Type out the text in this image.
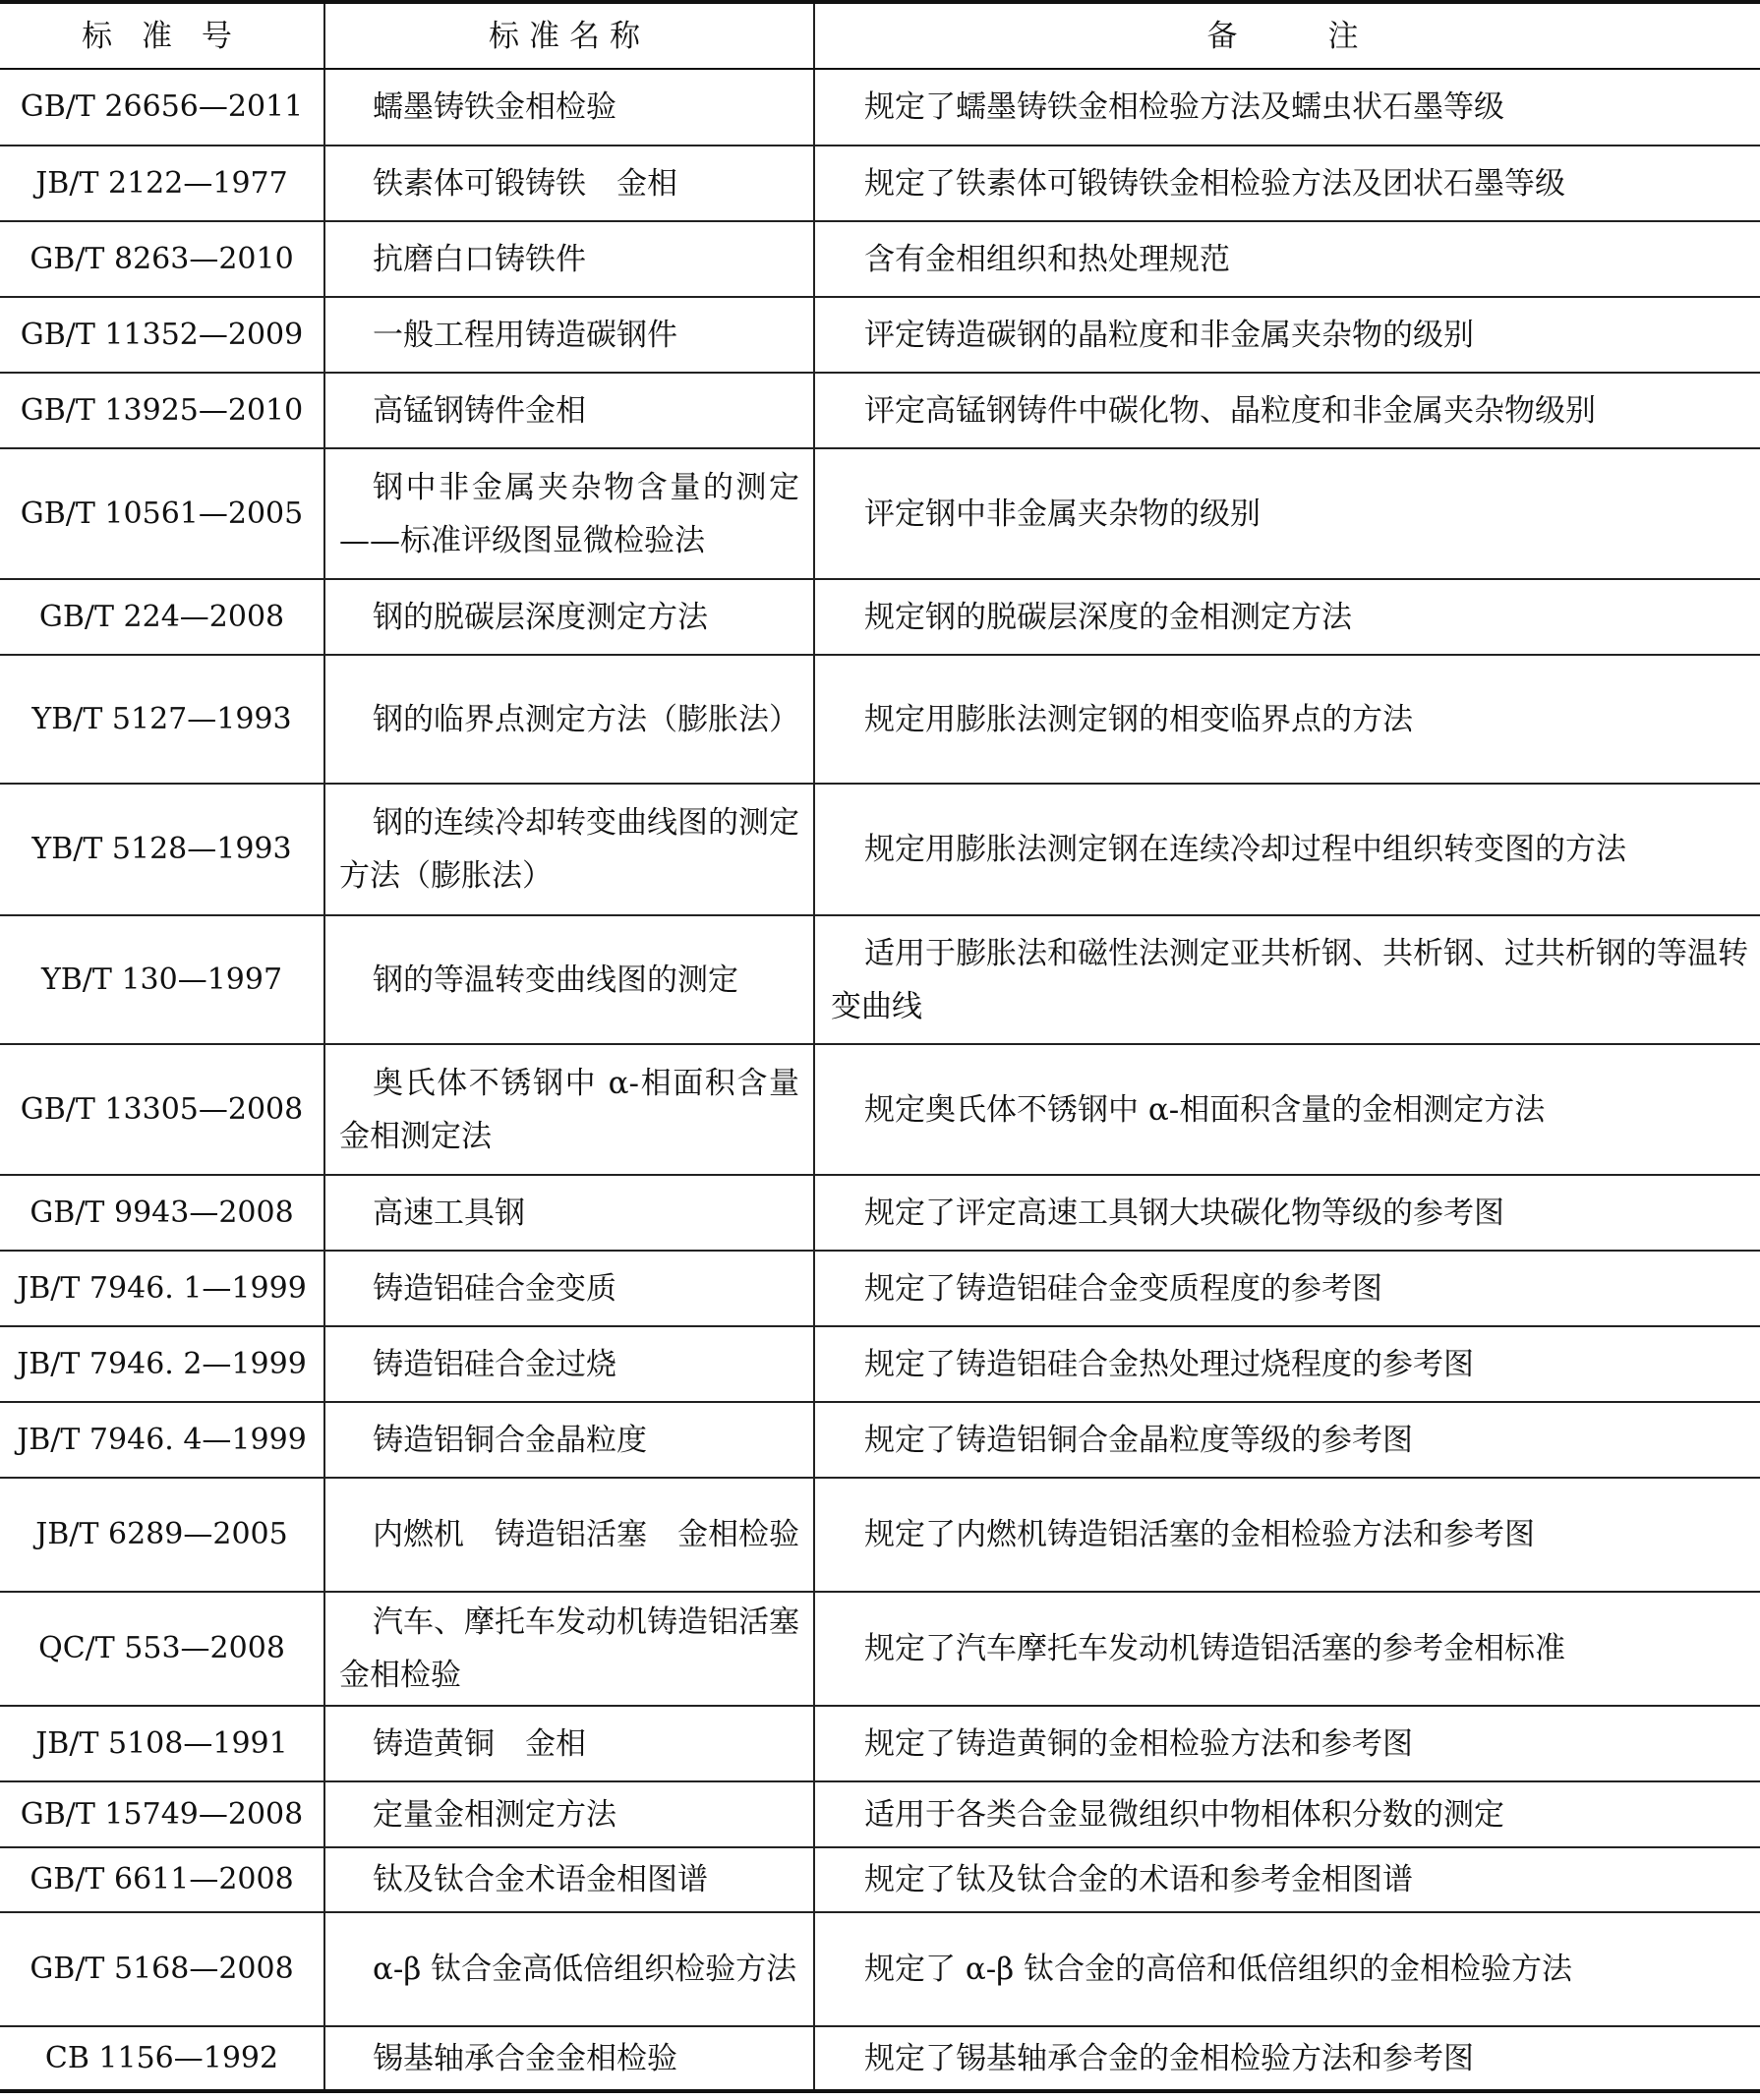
标 准 号	标准名称	备　　注
GB/T 26656—2011	蠕墨铸铁金相检验	规定了蠕墨铸铁金相检验方法及蠕虫状石墨等级
JB/T 2122—1977	铁素体可锻铸铁　金相	规定了铁素体可锻铸铁金相检验方法及团状石墨等级
GB/T 8263—2010	抗磨白口铸铁件	含有金相组织和热处理规范
GB/T 11352—2009	一般工程用铸造碳钢件	评定铸造碳钢的晶粒度和非金属夹杂物的级别
GB/T 13925—2010	高锰钢铸件金相	评定高锰钢铸件中碳化物、晶粒度和非金属夹杂物级别
GB/T 10561—2005	钢中非金属夹杂物含量的测定——标准评级图显微检验法	评定钢中非金属夹杂物的级别
GB/T 224—2008	钢的脱碳层深度测定方法	规定钢的脱碳层深度的金相测定方法
YB/T 5127—1993	钢的临界点测定方法（膨胀法）	规定用膨胀法测定钢的相变临界点的方法
YB/T 5128—1993	钢的连续冷却转变曲线图的测定方法（膨胀法）	规定用膨胀法测定钢在连续冷却过程中组织转变图的方法
YB/T 130—1997	钢的等温转变曲线图的测定	适用于膨胀法和磁性法测定亚共析钢、共析钢、过共析钢的等温转变曲线
GB/T 13305—2008	奥氏体不锈钢中 α-相面积含量金相测定法	规定奥氏体不锈钢中 α-相面积含量的金相测定方法
GB/T 9943—2008	高速工具钢	规定了评定高速工具钢大块碳化物等级的参考图
JB/T 7946. 1—1999	铸造铝硅合金变质	规定了铸造铝硅合金变质程度的参考图
JB/T 7946. 2—1999	铸造铝硅合金过烧	规定了铸造铝硅合金热处理过烧程度的参考图
JB/T 7946. 4—1999	铸造铝铜合金晶粒度	规定了铸造铝铜合金晶粒度等级的参考图
JB/T 6289—2005	内燃机　铸造铝活塞　金相检验	规定了内燃机铸造铝活塞的金相检验方法和参考图
QC/T 553—2008	汽车、摩托车发动机铸造铝活塞金相检验	规定了汽车摩托车发动机铸造铝活塞的参考金相标准
JB/T 5108—1991	铸造黄铜　金相	规定了铸造黄铜的金相检验方法和参考图
GB/T 15749—2008	定量金相测定方法	适用于各类合金显微组织中物相体积分数的测定
GB/T 6611—2008	钛及钛合金术语金相图谱	规定了钛及钛合金的术语和参考金相图谱
GB/T 5168—2008	α-β 钛合金高低倍组织检验方法	规定了 α-β 钛合金的高倍和低倍组织的金相检验方法
CB 1156—1992	锡基轴承合金金相检验	规定了锡基轴承合金的金相检验方法和参考图
